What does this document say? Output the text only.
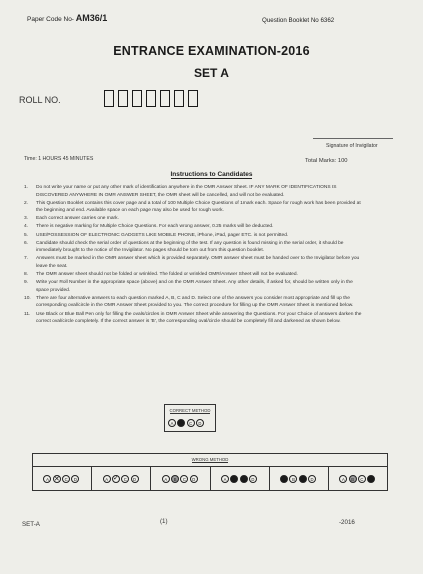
Paper Code No- AM36/1	Question Booklet No 6362
ENTRANCE EXAMINATION-2016
SET A
ROLL NO.
Signature of Invigilator
Time: 1 HOURS 45 MINUTES	Total Marks: 100
Instructions to Candidates
1.	Do not write your name or put any other mark of identification anywhere in the OMR Answer Sheet. IF ANY MARK OF IDENTIFICATIONS IS DISCOVERED ANYWHERE IN OMR ANSWER SHEET, the OMR sheet will be cancelled, and will not be evaluated.
2.	This Question Booklet contains this cover page and a total of 100 Multiple Choice Questions of 1mark each. Space for rough work has been provided at the beginning and end. Available space on each page may also be used for rough work.
3.	Each correct answer carries one mark.
4.	There is negative marking for Multiple Choice Questions. For each wrong answer, 0.25 marks will be deducted.
5.	USE/POSSESSION OF ELECTRONIC GADGETS LIKE MOBILE PHONE, iPhone, iPad, pager ETC. is not permitted.
6.	Candidate should check the serial order of questions at the beginning of the test. If any question is found missing in the serial order, it should be immediately brought to the notice of the Invigilator. No pages should be torn out from this question booklet.
7.	Answers must be marked in the OMR answer sheet which is provided separately. OMR answer sheet must be handed over to the Invigilator before you leave the seat.
8.	The OMR answer sheet should not be folded or wrinkled. The folded or wrinkled OMR/Answer Sheet will not be evaluated.
9.	Write your Roll Number in the appropriate space (above) and on the OMR Answer Sheet. Any other details, if asked for, should be written only in the space provided.
10.	There are four alternative answers to each question marked A, B, C and D. Select one of the answers you consider most appropriate and fill up the corresponding oval/circle in the OMR Answer Sheet provided to you. The correct procedure for filling up the OMR Answer Sheet is mentioned below.
11.	Use Black or Blue Ball Pen only for filling the ovals/circles in OMR Answer Sheet while answering the Questions. For your Choice of answers darken the correct oval/circle completely. If the correct answer is 'B', the corresponding oval/circle should be completely fill and darkened as shown below.
CORRECT METHOD
A	B	C	D
WRONG METHOD
A ✕	C	D	A ✓	C	D	A	B	C	D	A	B	C	D	A	B	C	D	A	B	C	D
SET-A	(1)	-2016
